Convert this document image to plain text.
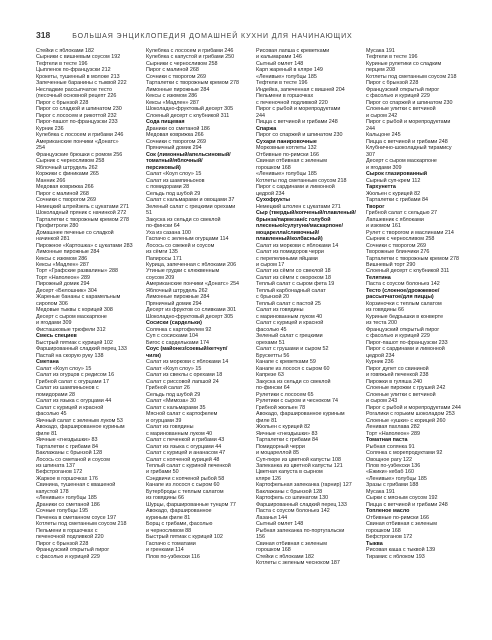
318	БОЛЬШАЯ ЭНЦИКЛОПЕДИЯ ДОМАШНЕЙ КУХНИ ДЛЯ НАЧИНАЮЩИХ
Стейки с яблоками 182
Сырники с вишневым соусом 192
Тефтели в тесте 196
Цыпленок по-французски 212
Крокеты, тушенный в молоке 213
Запеченные баранины с тыквой 222
Несладкие рассыпчатое тесто
(песочный основной рецепт 226
Пирог с брынзой 228
Пирог со сладкой и шпинатом 230
Пирог с лососем и рикоттой 232
Пирог-пашот по-французски 233
Курник 236
Кулебяка с лососем и грибами 246
Американские пончики «Донатс»
254
Французские брюшки с ромом 256
Сырник с черносливом 258
Яблочный штрудель 262
Коржики с финиками 265
Манник 266
Медовая коврижка 266
Пирог с малиной 268
Сочники с творогом 269
Немецкий штрейзель с цукатами 271
Шоколадный пряник с начинкой 272
Тарталетки с творожным кремом 278
Профитроли 280
Домашнее печенье со сладкой
начинкой 281
Пирожное «Картошка» с цукатами 283
Лимонные пирожные 284
Кексы с изюмом 286
Кексы «Мадлен» 287
Торт «Графские развалины» 288
Торт «Наполеон» 289
Пирожный домик 294
Десерт «Белошник» 304
Жареные бананы с карамельным
сиропом 306
Медовые тыквы с корицей 308
Десерт с сыром маскарпоне
и ягодами 309
Фисташковые трюфели 312
Смесь специев
Быстрый пятиак с курицей 102
Фаршированный сладкий перец 133
Пастай на скорую руку 138
Сметана
Салат «Коул слоу» 15
Салат из огурцов с редисом 16
Грибной салат с огурцами 17
Салат из шампиньонов с
помидорами 28
Салат из языка с огурцами 44
Салат с курицей и красной
фасолью 45
Яичный салат с зеленым луком 53
Авокадо, фаршированное куриным
филе 81
Яичные «гнездышки» 83
Тарталетки с грибами 84
Баклажаны с брынзой 128
Лосось со сметаной и соусом
из шпината 137
Бефстроганов 172
Жаркое в горшочках 176
Свинина, тушенная с квашеной
капустой 178
«Ленивые» голубцы 185
Драники со сметаной 186
Сочные голубцы 195
Печенка в сметанном соусе 197
Котлеты под сметанным соусом 218
Пельмени в горшочках с
печеночной подливкой 220
Пирог с брынзой 228
Французский открытый пирог
с фасолью и курицей 229
Кулебяка с лососем и грибами 246
Кулебяка с капустой и грибами 250
Сырники с черносливом 258
Пирог с малиной 268
Сочники с творогом 269
Тарталетки с творожным кремом 278
Лимонные пирожные 284
Кексы с изюмом 286
Кексы «Мадлен» 287
Шоколадно-фруктовый десерт 305
Слоеный десерт с клубникой 311
Сода пищевая
Драники со сметаной 186
Медовая коврижка 266
Сочники с творогом 269
Пряничный домик 294
Сок (лимонный/апельсиновый/
томатный/яблочный/
персиковый)
Салат «Коул слоу» 15
Салат из шампиньонов
с помидорами 28
Сельдь под шубой 29
Салат с кальмарами и овощами 37
Зеленый салат с грецкими орехами
51
Закуска из сельди со свеклой
по-фински 64
Уха из сазана 100
Гаспачо с зеленым огурцами 114
Лосось со свежей и соусом
из сёмги 135
Папиросы 171
Курица, запеченная с яблоками 206
Утиные грудки с клюквенным
соусом 209
Американские пончики «Донатс» 254
Яблочный штрудель 262
Лимонные пирожные 284
Пряничный домик 294
Десерт из фруктов со сливками 301
Шоколадно-фруктовый десерт 305
Сосиски (сардельки)
Солянка с картофелем 92
Суп с сосисками 104
Бигос с сардельками 174
Соус (майонез/соевый/кетчуп/
чили)
Салат из моркови с яблоками 14
Салат «Коул слоу» 15
Салат из свеклы с орехами 18
Салат с риссовой лапшой 24
Грибной салат 26
Сельдь под шубой 29
Салат «Мимоза» 30
Салат с кальмарами 35
Мясной салат с картофелем
и огурцами 39
Салат из говядины
с маринованным луком 40
Салат с печенкой и грибами 43
Салат из языка с огурцами 44
Салат с курицей и ананасом 47
Салат с копченой курицей 48
Теплый салат с куриной печенкой
и грибами 50
Сэндвичи с копченой рыбой 58
Канапе из лосося с сыром 60
Бутерброды с теплым салатом
из говядины 66
Шурцы, фаршированные тунцом 77
Авокадо, фаршированное
куриным филе 81
Борщ с грибами, фасолью
и черносливом 88
Быстрый пятиак с курицей 102
Гаспачо с томатами
и гренками 114
Плов по-узбекски 116
Рисовая лапша с креветками
и кальмарами 146
Сытный омлет 148
Карп жареный в кляре 149
«Ленивые» голубцы 185
Тефтели в тесте 196
Индейка, запеченная с вишней 204
Пельмени в горшочках
с печеночной подливкой 220
Пирог с рыбой и морепродуктами
244
Пицца с ветчиной и грибами 248
Спаржа
Пирог со спаржей и шпинатом 230
Сухари панировочные
Морковные котлеты 132
Отбивные по-римски 166
Свиная отбивная с зеленым
горошком 168
«Ленивые» голубцы 185
Котлеты под сметанным соусом 218
Пирог с сардинами и лимонной
цедрой 234
Сухофрукты
Немецкий штолен с цукатами 271
Сыр (твердый/копченый/плавленый/
брынза/пармезан/с голубой
плесенью/сулугуни/маскарпоне/
моцарелла/сливочный/
плавленный/колбасный)
Салат из моркови с яблоками 14
Салат из помидоров черри
с перепелиными яйцами
и сыром 17
Салат из сёмги со свеклой 18
Салат из сёмги с окороком 18
Теплый салат с сыром фета 19
Теплый карбонадный салат
с брынзой 20
Теплый салат с пастой 25
Салат из говядины
с маринованным луком 40
Салат с курицей и красной
фасолью 45
Зеленый салат с грецкими
орехами 51
Салат с грушами и сыром 52
Брускетты 56
Канапе с креветками 59
Канапе из лосося с сыром 60
Капрезе 63
Закуска из сельди со свеклой
по-фински 64
Рулетики с лососем 65
Рулетики с сыром и чесноком 74
Грибной жюльен 78
Авокадо, фаршированное куриным
филе 81
Жюльен с курицей 82
Яичные «гнездышки» 83
Тарталетки с грибами 84
Помидорный черри
и моцареллой 85
Суп-пюре из цветной капусты 108
Запеканка из цветной капусты 121
Цветная капуста в сырном
кляре 126
Картофельная запеканка (гарнир) 127
Баклажаны с брынзой 128
Картофель со шпинатом 130
Фаршированный сладкий перец 133
Паста с соусом болоньез 142
Лазанья 144
Сытный омлет 148
Рыбная запеканка по-португальски
156
Свиная отбивная с зеленым
горошком 168
Стейки с яблоками 182
Котлеты с зеленым чесноком 187
Мусака 191
Тефтели в тесте 196
Куриные рулетики со сладким
перцем 208
Котлеты под сметанным соусом 218
Пирог с брынзой 228
Французский открытый пирог
с фасолью и курицей 229
Пирог со спаржей и шпинатом 230
Слоеные улитки с ветчиной
и сыром 242
Пирог с рыбой и морепродуктами
244
Кальцоне 245
Пицца с ветчиной и грибами 248
Клубнично-шоколадный тирамису
307
Десерт с сыром маскарпоне
и ягодами 309
Сырок глазированный
Сырный суп-крем 112
Тархунетта
Жюльен с курицей 82
Тарталетки с грибами 84
Творог
Грибной салат с сельдью 27
Лапшевник с яблоками
и изюмом 161
Рулет с творогом и маслинами 214
Сырник с черносливом 258
Сочники с творогом 269
Творожные блинчики 276
Тарталетки с творожным кремом 278
Вишневый торт 290
Слоеный десерт с клубникой 311
Телятина
Паста с соусом болоньез 142
Тесто (слоеное/дрожжевое/
рассыпчатое/для пиццы)
Корзиночки с теплым салатом
из говядины 66
Куриные бедрышки в конверте
из теста 200
Французский открытый пирог
с фасолью и курицей 229
Пирог-пашот по-французски 233
Пирог с сардинами и лимонной
цедрой 234
Курник 236
Пирог дупет со свининой
и говяжьей печенкой 238
Пирожки в гуляша 240
Слоеные пирожки с грушей 242
Слоеные улитки с ветчиной
и сыром 243
Пирог с рыбой и морепродуктами 244
Рогалики с горьким шоколадом 253
Слоеные «ушки» с корицей 260
Ленивая пахлава 282
Торт «Наполеон» 289
Томатная паста
Рыбная солянка 91
Солянка с морепродуктами 92
Овощное рагу 122
Плов по-узбекски 136
«Ёжики» кебаб 160
«Ленивые» голубцы 185
Зразы с грибами 188
Мусака 191
Сырки с мясным соусом 192
Пицца с ветчиной и грибами 248
Топленое масло
Отбивные по-римски 166
Свиная отбивная с зеленым
горошком 168
Бефстроганов 172
Тыква
Рисовая каша с тыквой 139
Тирамис с яблоком 193
